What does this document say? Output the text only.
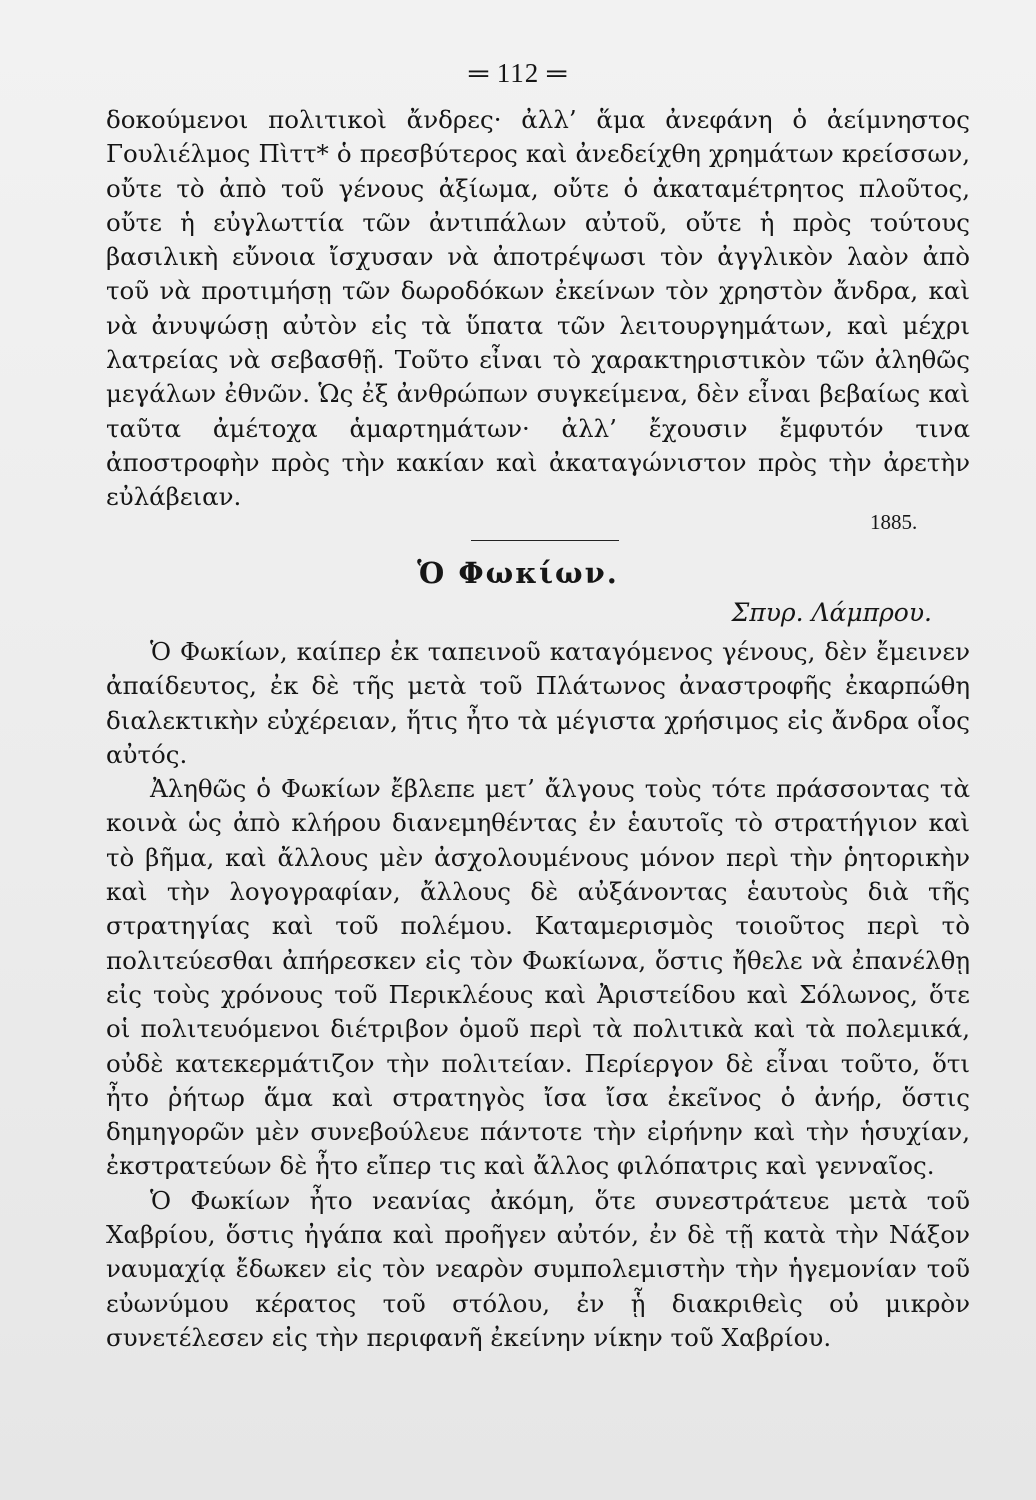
═ 112 ═

δοκούμενοι πολιτικοὶ ἄνδρες· ἀλλ’ ἅμα ἀνεφάνη ὁ ἀείμνηστος Γουλιέλμος Πὶττ* ὁ πρεσβύτερος καὶ ἀνεδείχθη χρημάτων κρείσσων, οὔτε τὸ ἀπὸ τοῦ γένους ἀξίωμα, οὔτε ὁ ἀκαταμέτρητος πλοῦτος, οὔτε ἡ εὐγλωττία τῶν ἀντιπάλων αὐτοῦ, οὔτε ἡ πρὸς τούτους βασιλικὴ εὔνοια ἴσχυσαν νὰ ἀποτρέψωσι τὸν ἀγγλικὸν λαὸν ἀπὸ τοῦ νὰ προτιμήσῃ τῶν δωροδόκων ἐκείνων τὸν χρηστὸν ἄνδρα, καὶ νὰ ἀνυψώσῃ αὐτὸν εἰς τὰ ὕπατα τῶν λειτουργημάτων, καὶ μέχρι λατρείας νὰ σεβασθῇ. Τοῦτο εἶναι τὸ χαρακτηριστικὸν τῶν ἀληθῶς μεγάλων ἐθνῶν. Ὡς ἐξ ἀνθρώπων συγκείμενα, δὲν εἶναι βεβαίως καὶ ταῦτα ἀμέτοχα ἁμαρτημάτων· ἀλλ’ ἔχουσιν ἔμφυτόν τινα ἀποστροφὴν πρὸς τὴν κακίαν καὶ ἀκαταγώνιστον πρὸς τὴν ἀρετὴν εὐλάβειαν.

1885.
Ὁ Φωκίων.
Σπυρ. Λάμπρου.

Ὁ Φωκίων, καίπερ ἐκ ταπεινοῦ καταγόμενος γένους, δὲν ἔμεινεν ἀπαίδευτος, ἐκ δὲ τῆς μετὰ τοῦ Πλάτωνος ἀναστροφῆς ἐκαρπώθη διαλεκτικὴν εὐχέρειαν, ἥτις ἦτο τὰ μέγιστα χρήσιμος εἰς ἄνδρα οἷος αὐτός.

Ἀληθῶς ὁ Φωκίων ἔβλεπε μετ’ ἄλγους τοὺς τότε πράσσοντας τὰ κοινὰ ὡς ἀπὸ κλήρου διανεμηθέντας ἐν ἑαυτοῖς τὸ στρατήγιον καὶ τὸ βῆμα, καὶ ἄλλους μὲν ἀσχολουμένους μόνον περὶ τὴν ῥητορικὴν καὶ τὴν λογογραφίαν, ἄλλους δὲ αὐξάνοντας ἑαυτοὺς διὰ τῆς στρατηγίας καὶ τοῦ πολέμου. Καταμερισμὸς τοιοῦτος περὶ τὸ πολιτεύεσθαι ἀπήρεσκεν εἰς τὸν Φωκίωνα, ὅστις ἤθελε νὰ ἐπανέλθῃ εἰς τοὺς χρόνους τοῦ Περικλέους καὶ Ἀριστείδου καὶ Σόλωνος, ὅτε οἱ πολιτευόμενοι διέτριβον ὁμοῦ περὶ τὰ πολιτικὰ καὶ τὰ πολεμικά, οὐδὲ κατεκερμάτιζον τὴν πολιτείαν. Περίεργον δὲ εἶναι τοῦτο, ὅτι ἦτο ῥήτωρ ἅμα καὶ στρατηγὸς ἴσα ἴσα ἐκεῖνος ὁ ἀνήρ, ὅστις δημηγορῶν μὲν συνεβούλευε πάντοτε τὴν εἰρήνην καὶ τὴν ἡσυχίαν, ἐκστρατεύων δὲ ἦτο εἴπερ τις καὶ ἄλλος φιλόπατρις καὶ γενναῖος.

Ὁ Φωκίων ἦτο νεανίας ἀκόμη, ὅτε συνεστράτευε μετὰ τοῦ Χαβρίου, ὅστις ἠγάπα καὶ προῆγεν αὐτόν, ἐν δὲ τῇ κατὰ τὴν Νάξον ναυμαχίᾳ ἔδωκεν εἰς τὸν νεαρὸν συμπολεμιστὴν τὴν ἡγεμονίαν τοῦ εὐωνύμου κέρατος τοῦ στόλου, ἐν ᾗ διακριθεὶς οὐ μικρὸν συνετέλεσεν εἰς τὴν περιφανῆ ἐκείνην νίκην τοῦ Χαβρίου.
